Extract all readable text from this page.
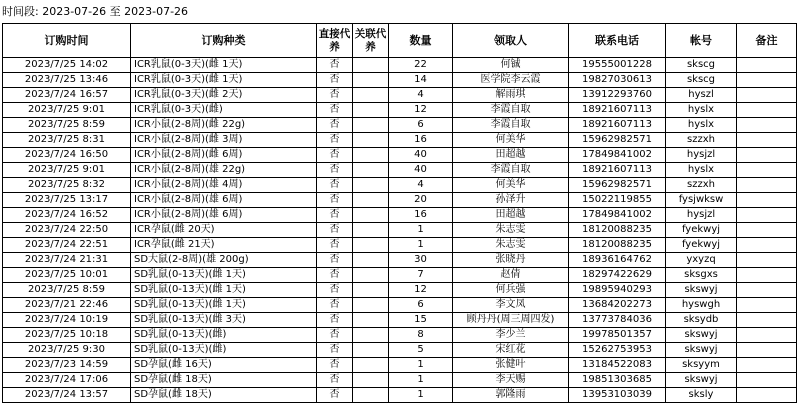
时间段: 2023-07-26 至 2023-07-26
订购时间	订购种类	直接代养	关联代养	数量	领取人	联系电话	帐号	备注
2023/7/25 14:02	ICR乳鼠(0-3天)(雌 1天)	否		22	何铖	19555001228	skscg	
2023/7/25 13:46	ICR乳鼠(0-3天)(雌 1天)	否		14	医学院李云霞	19827030613	skscg	
2023/7/24 16:57	ICR乳鼠(0-3天)(雌 2天)	否		4	解雨琪	13912293760	hyszl	
2023/7/25 9:01	ICR乳鼠(0-3天)(雌)	否		12	李霞自取	18921607113	hyslx	
2023/7/25 8:59	ICR小鼠(2-8周)(雌 22g)	否		6	李霞自取	18921607113	hyslx	
2023/7/25 8:31	ICR小鼠(2-8周)(雌 3周)	否		16	何美华	15962982571	szzxh	
2023/7/24 16:50	ICR小鼠(2-8周)(雌 6周)	否		40	田超越	17849841002	hysjzl	
2023/7/25 9:01	ICR小鼠(2-8周)(雄 22g)	否		40	李霞自取	18921607113	hyslx	
2023/7/25 8:32	ICR小鼠(2-8周)(雄 4周)	否		4	何美华	15962982571	szzxh	
2023/7/25 13:17	ICR小鼠(2-8周)(雄 6周)	否		20	孙泽升	15022119855	fysjwksw	
2023/7/24 16:52	ICR小鼠(2-8周)(雄 6周)	否		16	田超越	17849841002	hysjzl	
2023/7/24 22:50	ICR孕鼠(雌 20天)	否		1	朱志雯	18120088235	fyekwyj	
2023/7/24 22:51	ICR孕鼠(雌 21天)	否		1	朱志雯	18120088235	fyekwyj	
2023/7/24 21:31	SD大鼠(2-8周)(雄 200g)	否		30	张晓丹	18936164762	yxyzq	
2023/7/25 10:01	SD乳鼠(0-13天)(雌 1天)	否		7	赵倩	18297422629	sksgxs	
2023/7/25 8:59	SD乳鼠(0-13天)(雌 1天)	否		12	何兵强	19895940293	skswyj	
2023/7/21 22:46	SD乳鼠(0-13天)(雌 1天)	否		6	李文凤	13684202273	hyswgh	
2023/7/24 10:19	SD乳鼠(0-13天)(雌 3天)	否		15	顾丹丹(周三周四发)	13773784036	sksydb	
2023/7/25 10:18	SD乳鼠(0-13天)(雌)	否		8	李少兰	19978501357	skswyj	
2023/7/25 9:30	SD乳鼠(0-13天)(雌)	否		5	宋红花	15262753953	skswyj	
2023/7/23 14:59	SD孕鼠(雌 16天)	否		1	张健叶	13184522083	sksyym	
2023/7/24 17:06	SD孕鼠(雌 18天)	否		1	李天赐	19851303685	skswyj	
2023/7/24 13:57	SD孕鼠(雌 18天)	否		1	郭隆雨	13953103039	sksly	
